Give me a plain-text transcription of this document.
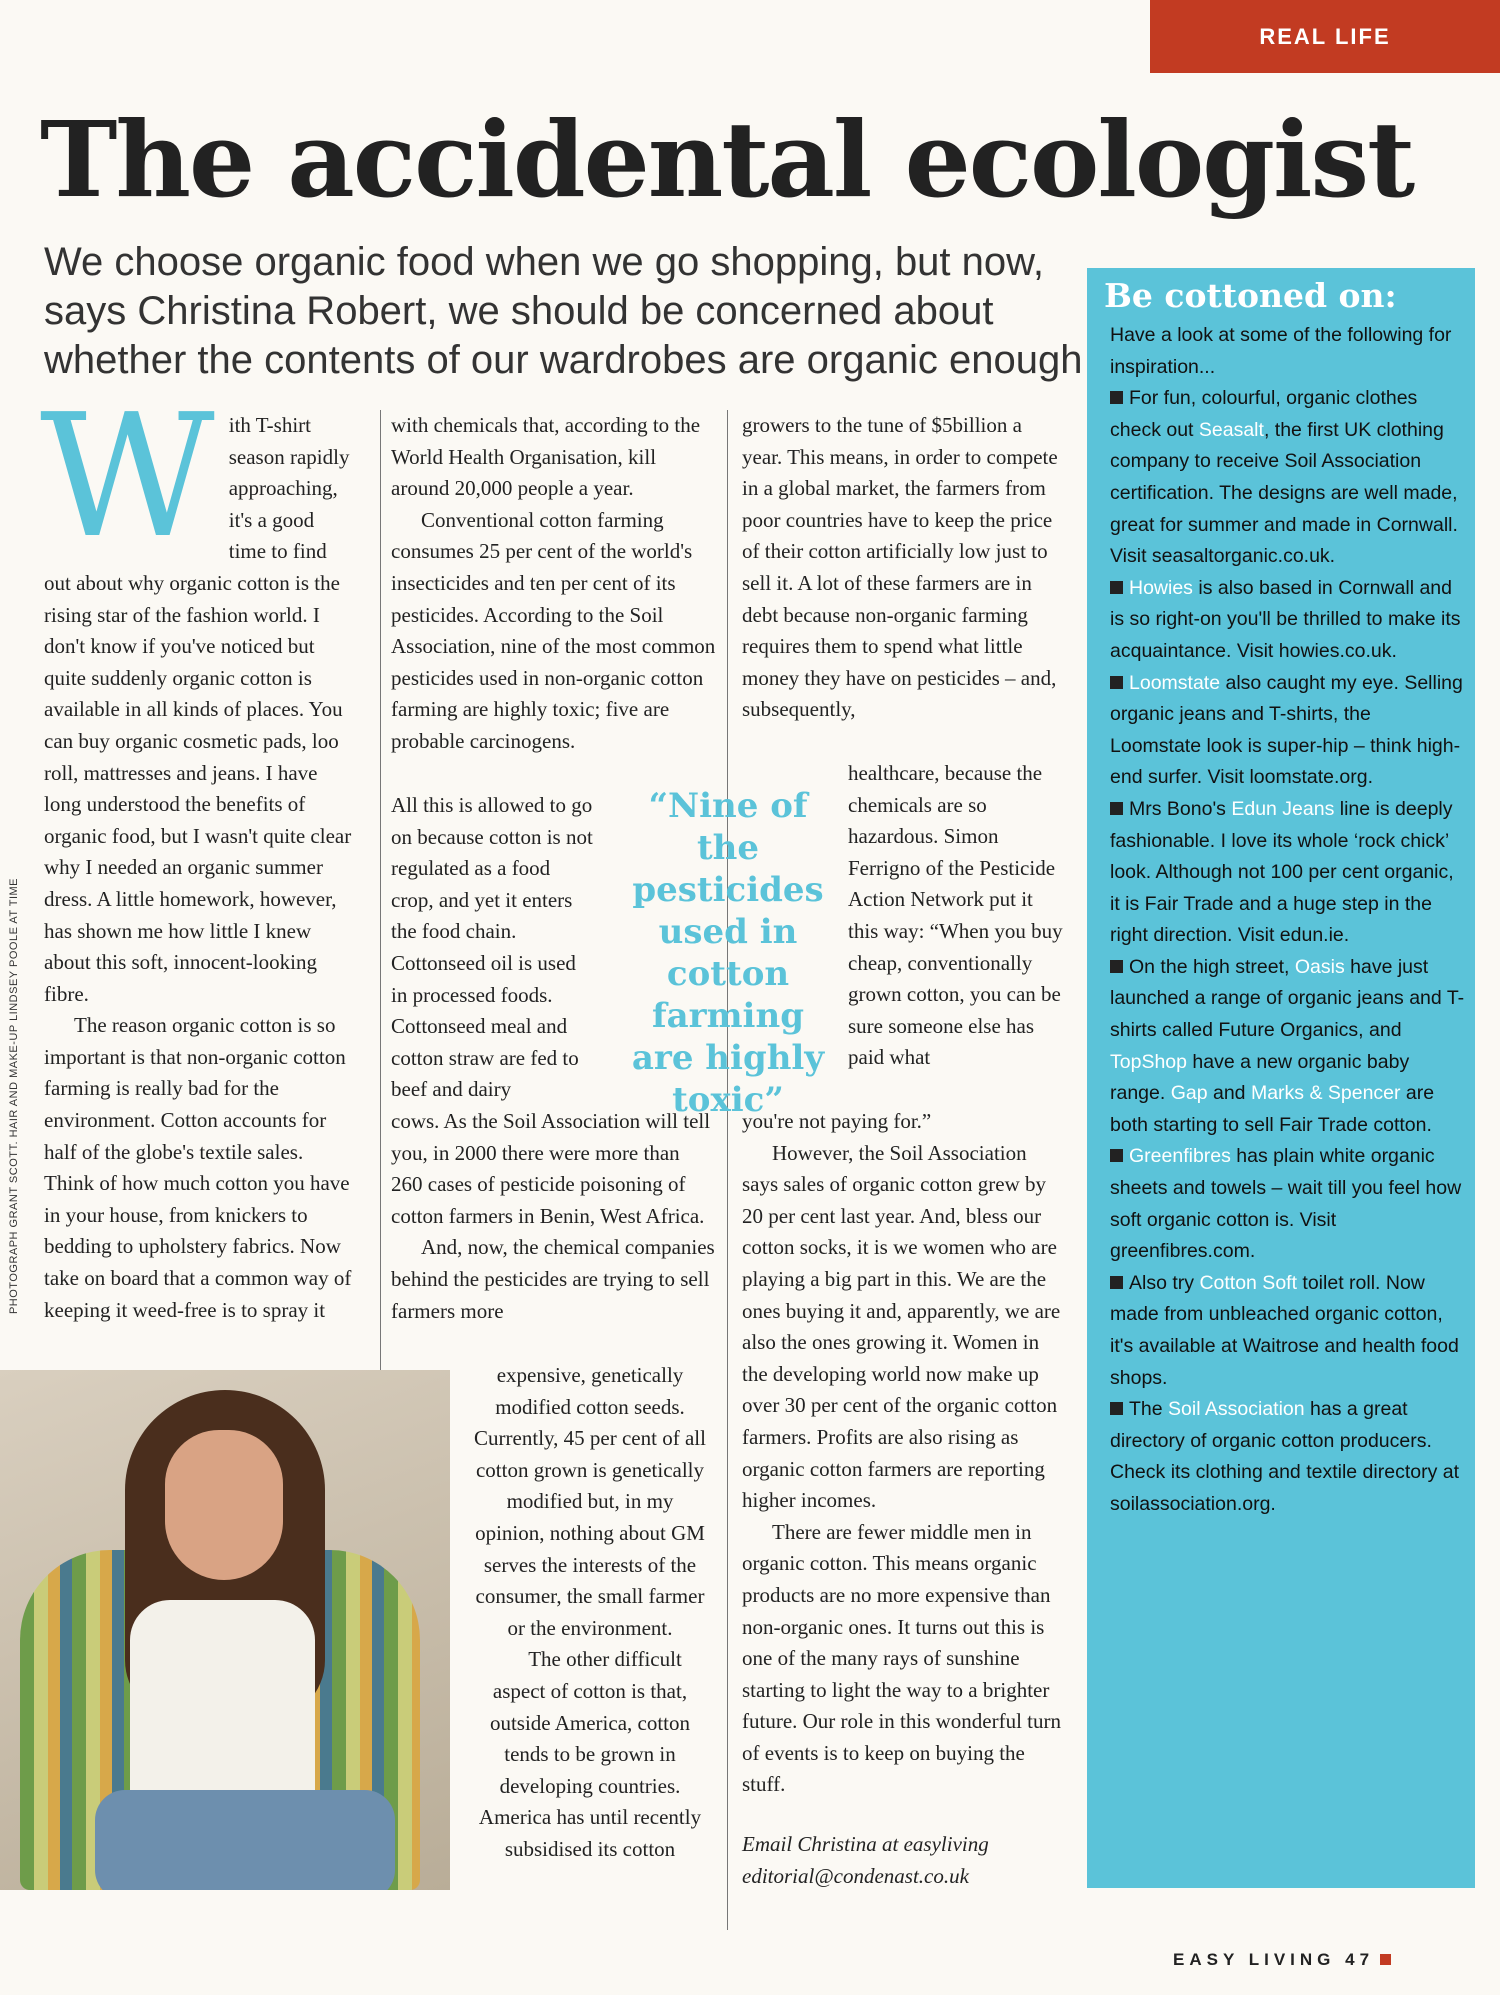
REAL LIFE
The accidental ecologist
We choose organic food when we go shopping, but now, says Christina Robert, we should be concerned about whether the contents of our wardrobes are organic enough

With T-shirt season rapidly approaching, it's a good time to find out about why organic cotton is the rising star of the fashion world. I don't know if you've noticed but quite suddenly organic cotton is available in all kinds of places. You can buy organic cosmetic pads, loo roll, mattresses and jeans. I have long understood the benefits of organic food, but I wasn't quite clear why I needed an organic summer dress. A little homework, however, has shown me how little I knew about this soft, innocent-looking fibre.

The reason organic cotton is so important is that non-organic cotton farming is really bad for the environment. Cotton accounts for half of the globe's textile sales. Think of how much cotton you have in your house, from knickers to bedding to upholstery fabrics. Now take on board that a common way of keeping it weed-free is to spray it

with chemicals that, according to the World Health Organisation, kill around 20,000 people a year.

Conventional cotton farming consumes 25 per cent of the world's insecticides and ten per cent of its pesticides. According to the Soil Association, nine of the most common pesticides used in non-organic cotton farming are highly toxic; five are probable carcinogens.

All this is allowed to go on because cotton is not regulated as a food crop, and yet it enters the food chain. Cottonseed oil is used in processed foods. Cottonseed meal and cotton straw are fed to beef and dairy

cows. As the Soil Association will tell you, in 2000 there were more than 260 cases of pesticide poisoning of cotton farmers in Benin, West Africa.

And, now, the chemical companies behind the pesticides are trying to sell farmers more

expensive, genetically modified cotton seeds. Currently, 45 per cent of all cotton grown is genetically modified but, in my opinion, nothing about GM serves the interests of the consumer, the small farmer or the environment.

The other difficult aspect of cotton is that, outside America, cotton tends to be grown in developing countries. America has until recently subsidised its cotton

growers to the tune of $5billion a year. This means, in order to compete in a global market, the farmers from poor countries have to keep the price of their cotton artificially low just to sell it. A lot of these farmers are in debt because non-organic farming requires them to spend what little money they have on pesticides – and, subsequently,

healthcare, because the chemicals are so hazardous. Simon Ferrigno of the Pesticide Action Network put it this way: “When you buy cheap, conventionally grown cotton, you can be sure someone else has paid what

you're not paying for.”

However, the Soil Association says sales of organic cotton grew by 20 per cent last year. And, bless our cotton socks, it is we women who are playing a big part in this. We are the ones buying it and, apparently, we are also the ones growing it. Women in the developing world now make up over 30 per cent of the organic cotton farmers. Profits are also rising as organic cotton farmers are reporting higher incomes.

There are fewer middle men in organic cotton. This means organic products are no more expensive than non-organic ones. It turns out this is one of the many rays of sunshine starting to light the way to a brighter future. Our role in this wonderful turn of events is to keep on buying the stuff.

Email Christina at easyliving editorial@condenast.co.uk

“Nine of the pesticides used in cotton farming are highly toxic”
Be cottoned on:

Have a look at some of the following for inspiration...

For fun, colourful, organic clothes check out Seasalt, the first UK clothing company to receive Soil Association certification. The designs are well made, great for summer and made in Cornwall. Visit seasaltorganic.co.uk.

Howies is also based in Cornwall and is so right-on you'll be thrilled to make its acquaintance. Visit howies.co.uk.

Loomstate also caught my eye. Selling organic jeans and T-shirts, the Loomstate look is super-hip – think high-end surfer. Visit loomstate.org.

Mrs Bono's Edun Jeans line is deeply fashionable. I love its whole ‘rock chick’ look. Although not 100 per cent organic, it is Fair Trade and a huge step in the right direction. Visit edun.ie.

On the high street, Oasis have just launched a range of organic jeans and T-shirts called Future Organics, and TopShop have a new organic baby range. Gap and Marks & Spencer are both starting to sell Fair Trade cotton.

Greenfibres has plain white organic sheets and towels – wait till you feel how soft organic cotton is. Visit greenfibres.com.

Also try Cotton Soft toilet roll. Now made from unbleached organic cotton, it's available at Waitrose and health food shops.

The Soil Association has a great directory of organic cotton producers. Check its clothing and textile directory at soilassociation.org.

PHOTOGRAPH GRANT SCOTT. HAIR AND MAKE-UP LINDSEY POOLE AT TIME
EASY LIVING 47
